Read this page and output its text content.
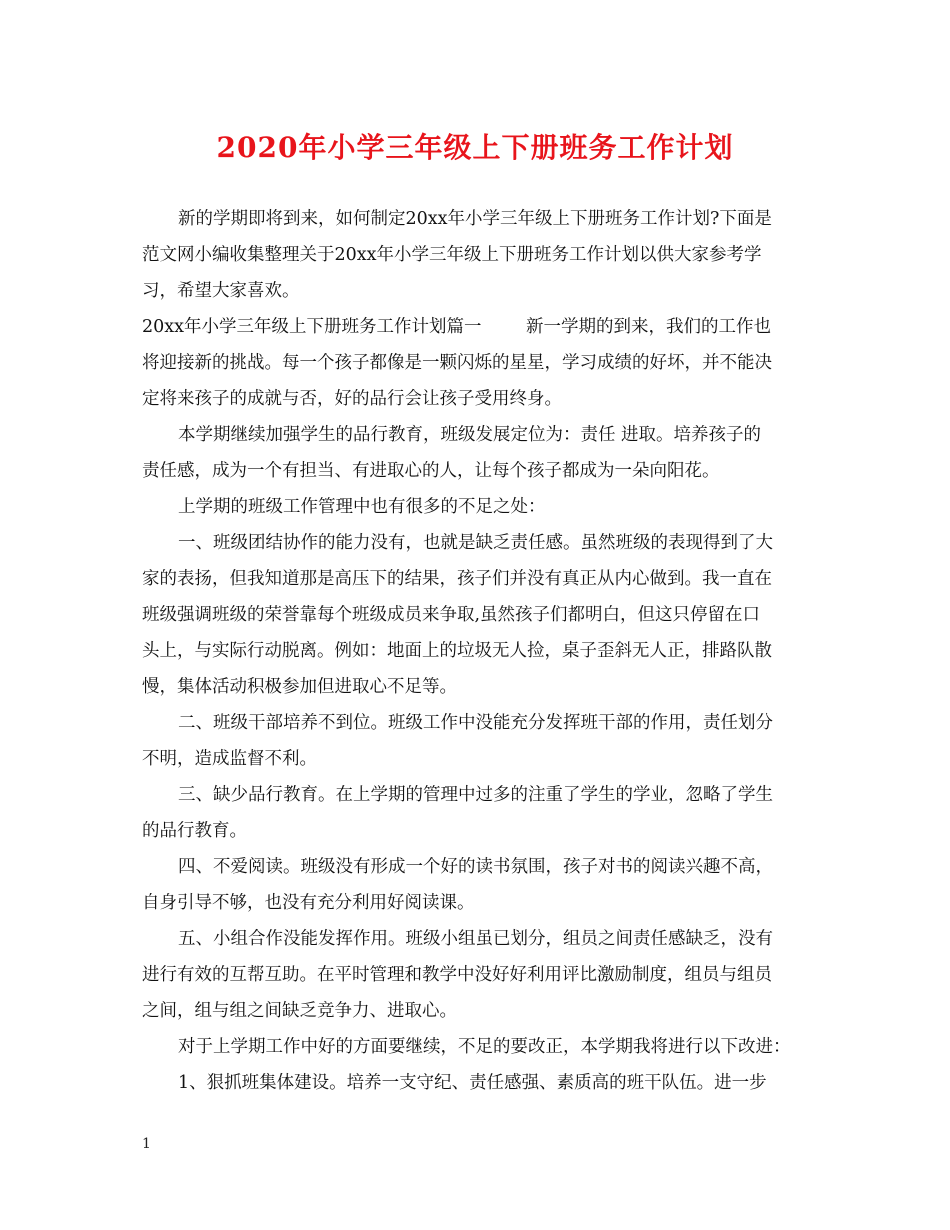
2020年小学三年级上下册班务工作计划
新的学期即将到来，如何制定20xx年小学三年级上下册班务工作计划?下面是
范文网小编收集整理关于20xx年小学三年级上下册班务工作计划以供大家参考学
习，希望大家喜欢。
20xx年小学三年级上下册班务工作计划篇一        新一学期的到来，我们的工作也
将迎接新的挑战。每一个孩子都像是一颗闪烁的星星，学习成绩的好坏，并不能决
定将来孩子的成就与否，好的品行会让孩子受用终身。
本学期继续加强学生的品行教育，班级发展定位为：责任 进取。培养孩子的
责任感，成为一个有担当、有进取心的人，让每个孩子都成为一朵向阳花。
上学期的班级工作管理中也有很多的不足之处：
一、班级团结协作的能力没有，也就是缺乏责任感。虽然班级的表现得到了大
家的表扬，但我知道那是高压下的结果，孩子们并没有真正从内心做到。我一直在
班级强调班级的荣誉靠每个班级成员来争取,虽然孩子们都明白，但这只停留在口
头上，与实际行动脱离。例如：地面上的垃圾无人捡，桌子歪斜无人正，排路队散
慢，集体活动积极参加但进取心不足等。
二、班级干部培养不到位。班级工作中没能充分发挥班干部的作用，责任划分
不明，造成监督不利。
三、缺少品行教育。在上学期的管理中过多的注重了学生的学业，忽略了学生
的品行教育。
四、不爱阅读。班级没有形成一个好的读书氛围，孩子对书的阅读兴趣不高，
自身引导不够，也没有充分利用好阅读课。
五、小组合作没能发挥作用。班级小组虽已划分，组员之间责任感缺乏，没有
进行有效的互帮互助。在平时管理和教学中没好好利用评比激励制度，组员与组员
之间，组与组之间缺乏竞争力、进取心。
对于上学期工作中好的方面要继续，不足的要改正，本学期我将进行以下改进：
1、狠抓班集体建设。培养一支守纪、责任感强、素质高的班干队伍。进一步
1
